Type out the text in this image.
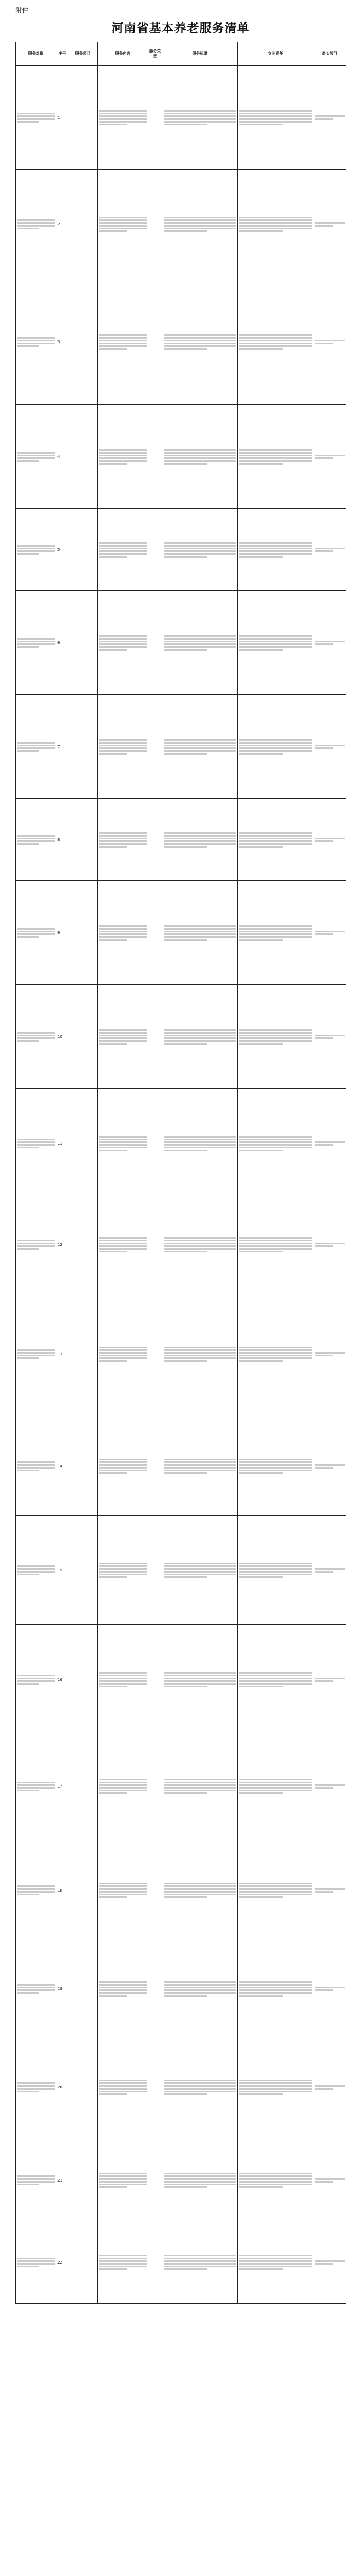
附件
河南省基本养老服务清单
服务对象	序号	服务项目	服务内容	服务类型	服务标准	支出责任	牵头部门

	1		

	2		

	3		

	4		

	5		

	6		

	7		

	8		

	9		

	10		

	11		

	12		

	13		

	14		

	15		

	16		

	17		

	18		

	19		

	20		

	21		

	22		
